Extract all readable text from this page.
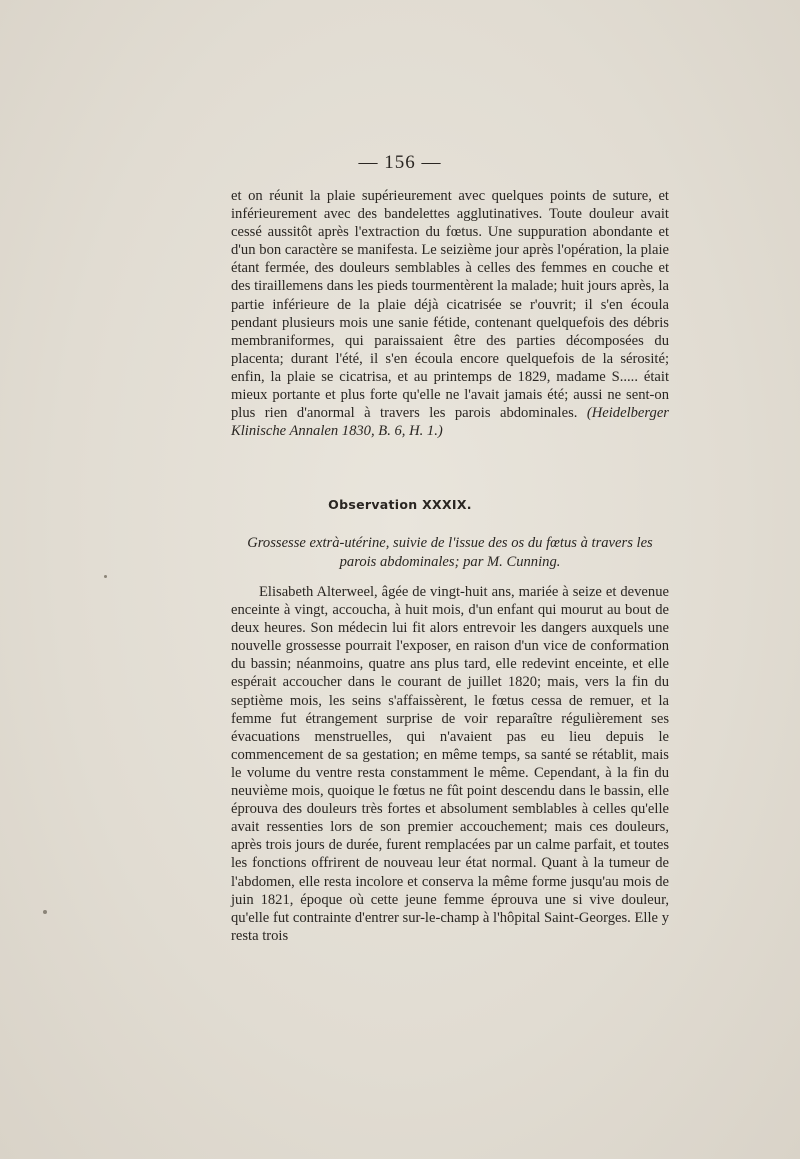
— 156 —

et on réunit la plaie supérieurement avec quelques points de suture, et inférieurement avec des bandelettes agglutinatives. Toute douleur avait cessé aussitôt après l'extraction du fœtus. Une suppuration abondante et d'un bon caractère se manifesta. Le seizième jour après l'opération, la plaie étant fermée, des douleurs semblables à celles des femmes en couche et des tiraillemens dans les pieds tourmentèrent la malade; huit jours après, la partie inférieure de la plaie déjà cicatrisée se r'ouvrit; il s'en écoula pendant plusieurs mois une sanie fétide, contenant quelquefois des débris membraniformes, qui paraissaient être des parties décomposées du placenta; durant l'été, il s'en écoula encore quelquefois de la sérosité; enfin, la plaie se cicatrisa, et au printemps de 1829, madame S..... était mieux portante et plus forte qu'elle ne l'avait jamais été; aussi ne sent-on plus rien d'anormal à travers les parois abdominales. (Heidelberger Klinische Annalen 1830, B. 6, H. 1.)

Observation XXXIX.
Grossesse extrà-utérine, suivie de l'issue des os du fœtus à travers les parois abdominales; par M. Cunning.

Elisabeth Alterweel, âgée de vingt-huit ans, mariée à seize et devenue enceinte à vingt, accoucha, à huit mois, d'un enfant qui mourut au bout de deux heures. Son médecin lui fit alors entrevoir les dangers auxquels une nouvelle grossesse pourrait l'exposer, en raison d'un vice de conformation du bassin; néanmoins, quatre ans plus tard, elle redevint enceinte, et elle espérait accoucher dans le courant de juillet 1820; mais, vers la fin du septième mois, les seins s'affaissèrent, le fœtus cessa de remuer, et la femme fut étrangement surprise de voir reparaître régulièrement ses évacuations menstruelles, qui n'avaient pas eu lieu depuis le commencement de sa gestation; en même temps, sa santé se rétablit, mais le volume du ventre resta constamment le même. Cependant, à la fin du neuvième mois, quoique le fœtus ne fût point descendu dans le bassin, elle éprouva des douleurs très fortes et absolument semblables à celles qu'elle avait ressenties lors de son premier accouchement; mais ces douleurs, après trois jours de durée, furent remplacées par un calme parfait, et toutes les fonctions offrirent de nouveau leur état normal. Quant à la tumeur de l'abdomen, elle resta incolore et conserva la même forme jusqu'au mois de juin 1821, époque où cette jeune femme éprouva une si vive douleur, qu'elle fut contrainte d'entrer sur-le-champ à l'hôpital Saint-Georges. Elle y resta trois
